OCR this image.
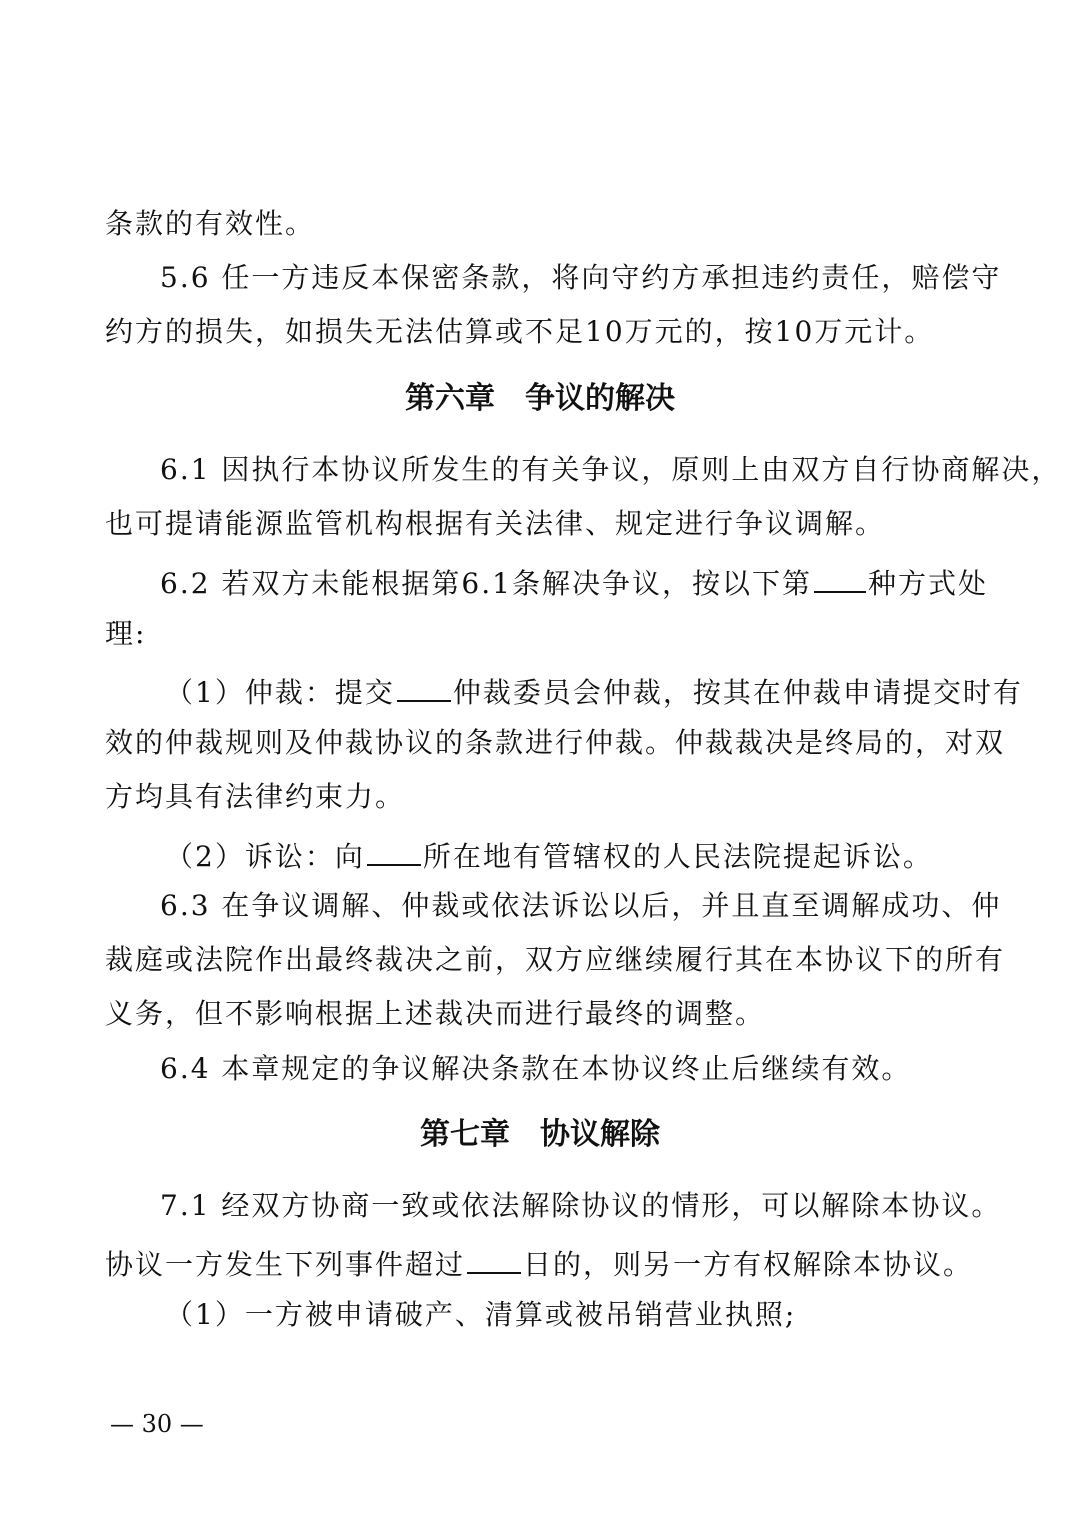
条款的有效性。
5.6 任一方违反本保密条款，将向守约方承担违约责任，赔偿守
约方的损失，如损失无法估算或不足10万元的，按10万元计。
第六章　争议的解决
6.1 因执行本协议所发生的有关争议，原则上由双方自行协商解决，
也可提请能源监管机构根据有关法律、规定进行争议调解。
6.2 若双方未能根据第6.1条解决争议，按以下第 种方式处
理:
（1）仲裁：提交 仲裁委员会仲裁，按其在仲裁申请提交时有
效的仲裁规则及仲裁协议的条款进行仲裁。仲裁裁决是终局的，对双
方均具有法律约束力。
（2）诉讼：向 所在地有管辖权的人民法院提起诉讼。
6.3 在争议调解、仲裁或依法诉讼以后，并且直至调解成功、仲
裁庭或法院作出最终裁决之前，双方应继续履行其在本协议下的所有
义务，但不影响根据上述裁决而进行最终的调整。
6.4 本章规定的争议解决条款在本协议终止后继续有效。
第七章　协议解除
7.1 经双方协商一致或依法解除协议的情形，可以解除本协议。
协议一方发生下列事件超过 日的，则另一方有权解除本协议。
（1）一方被申请破产、清算或被吊销营业执照;
— 30 —
